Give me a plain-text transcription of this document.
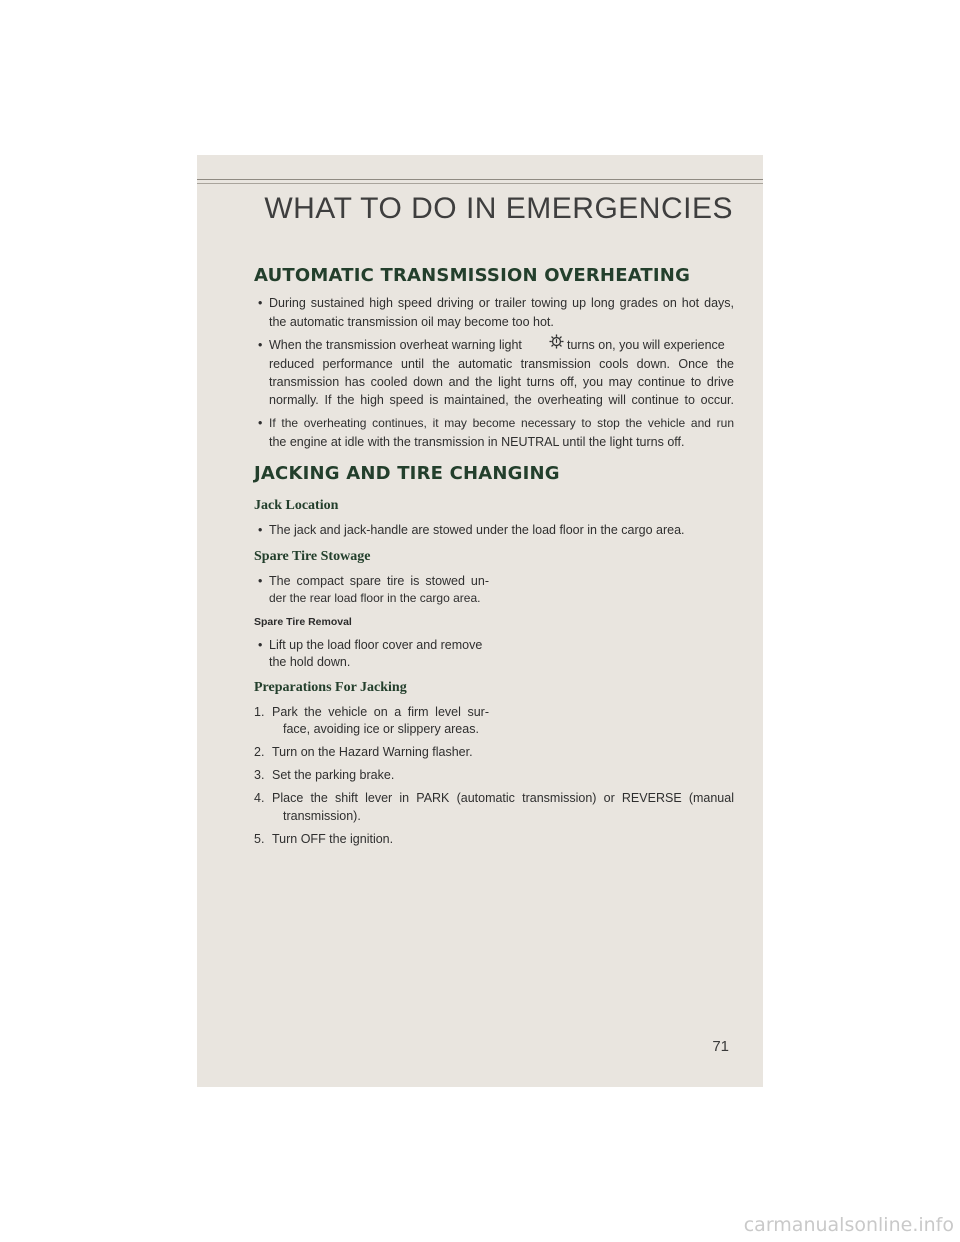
WHAT TO DO IN EMERGENCIES
AUTOMATIC TRANSMISSION OVERHEATING
• During sustained high speed driving or trailer towing up long grades on hot days,
the automatic transmission oil may become too hot.
• When the transmission overheat warning light	turns on, you will experience
reduced performance until the automatic transmission cools down. Once the
transmission has cooled down and the light turns off, you may continue to drive
normally. If the high speed is maintained, the overheating will continue to occur.
• If the overheating continues, it may become necessary to stop the vehicle and run
the engine at idle with the transmission in NEUTRAL until the light turns off.
JACKING AND TIRE CHANGING
Jack Location
• The jack and jack-handle are stowed under the load floor in the cargo area.
Spare Tire Stowage
• The compact spare tire is stowed un-
der the rear load floor in the cargo area.
Spare Tire Removal
• Lift up the load floor cover and remove
the hold down.
Preparations For Jacking
1. Park the vehicle on a firm level sur-
face, avoiding ice or slippery areas.
2. Turn on the Hazard Warning flasher.
3. Set the parking brake.
4. Place the shift lever in PARK (automatic transmission) or REVERSE (manual
transmission).
5. Turn OFF the ignition.
71
carmanualsonline.info
